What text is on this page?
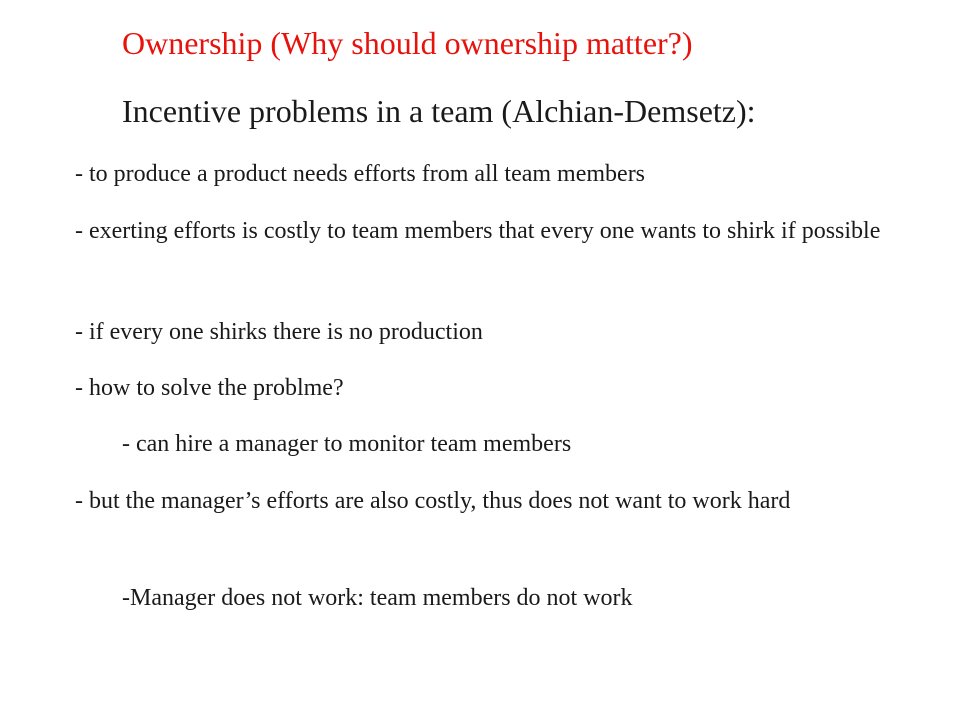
Ownership (Why should ownership matter?)
Incentive problems in a team (Alchian-Demsetz):
- to produce a product needs efforts from all team members
- exerting efforts is costly to team members that every one wants to shirk if possible
- if every one shirks there is no production
- how to solve the problme?
- can hire a manager to monitor team members
- but the manager’s efforts are also costly, thus does not want to work hard
-Manager does not work: team members do not work
